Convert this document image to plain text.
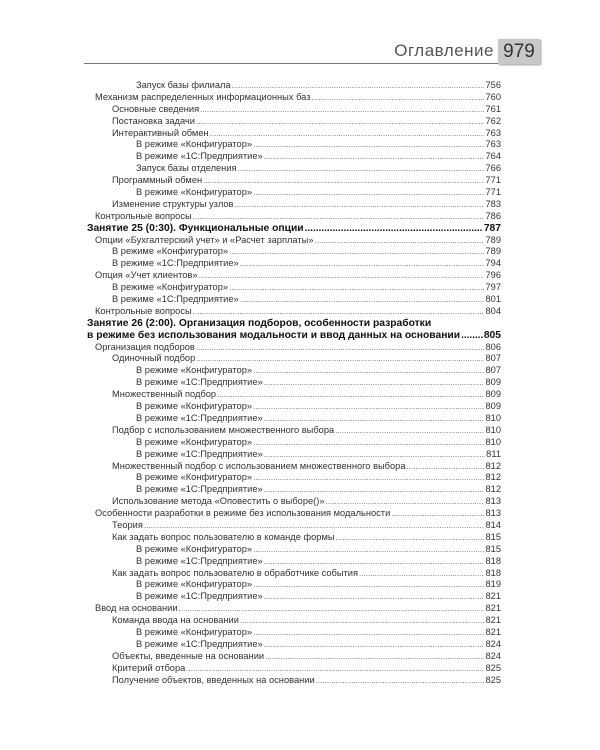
Оглавление 979
Запуск базы филиала .....	756
Механизм распределенных информационных баз .....	760
Основные сведения .....	761
Постановка задачи .....	762
Интерактивный обмен .....	763
В режиме «Конфигуратор» .....	763
В режиме «1С:Предприятие» .....	764
Запуск базы отделения .....	766
Программный обмен .....	771
В режиме «Конфигуратор» .....	771
Изменение структуры узлов .....	783
Контрольные вопросы .....	786
Занятие 25 (0:30). Функциональные опции .....	787
Опции «Бухгалтерский учет» и «Расчет зарплаты» .....	789
В режиме «Конфигуратор» .....	789
В режиме «1С:Предприятие» .....	794
Опция «Учет клиентов» .....	796
В режиме «Конфигуратор» .....	797
В режиме «1С:Предприятие» .....	801
Контрольные вопросы .....	804
Занятие 26 (2:00). Организация подборов, особенности разработки
в режиме без использования модальности и ввод данных на основании ..... 805
Организация подборов .....	806
Одиночный подбор .....	807
В режиме «Конфигуратор» .....	807
В режиме «1С:Предприятие» .....	809
Множественный подбор .....	809
В режиме «Конфигуратор» .....	809
В режиме «1С:Предприятие» .....	810
Подбор с использованием множественного выбора .....	810
В режиме «Конфигуратор» .....	810
В режиме «1С:Предприятие» .....	811
Множественный подбор с использованием множественного выбора .....	812
В режиме «Конфигуратор» .....	812
В режиме «1С:Предприятие» .....	812
Использование метода «Оповестить о выборе()» .....	813
Особенности разработки в режиме без использования модальности .....	813
Теория .....	814
Как задать вопрос пользователю в команде формы .....	815
В режиме «Конфигуратор» .....	815
В режиме «1С:Предприятие» .....	818
Как задать вопрос пользователю в обработчике события .....	818
В режиме «Конфигуратор» .....	819
В режиме «1С:Предприятие» .....	821
Ввод на основании .....	821
Команда ввода на основании .....	821
В режиме «Конфигуратор» .....	821
В режиме «1С:Предприятие» .....	824
Объекты, введенные на основании .....	824
Критерий отбора .....	825
Получение объектов, введенных на основании .....	825
